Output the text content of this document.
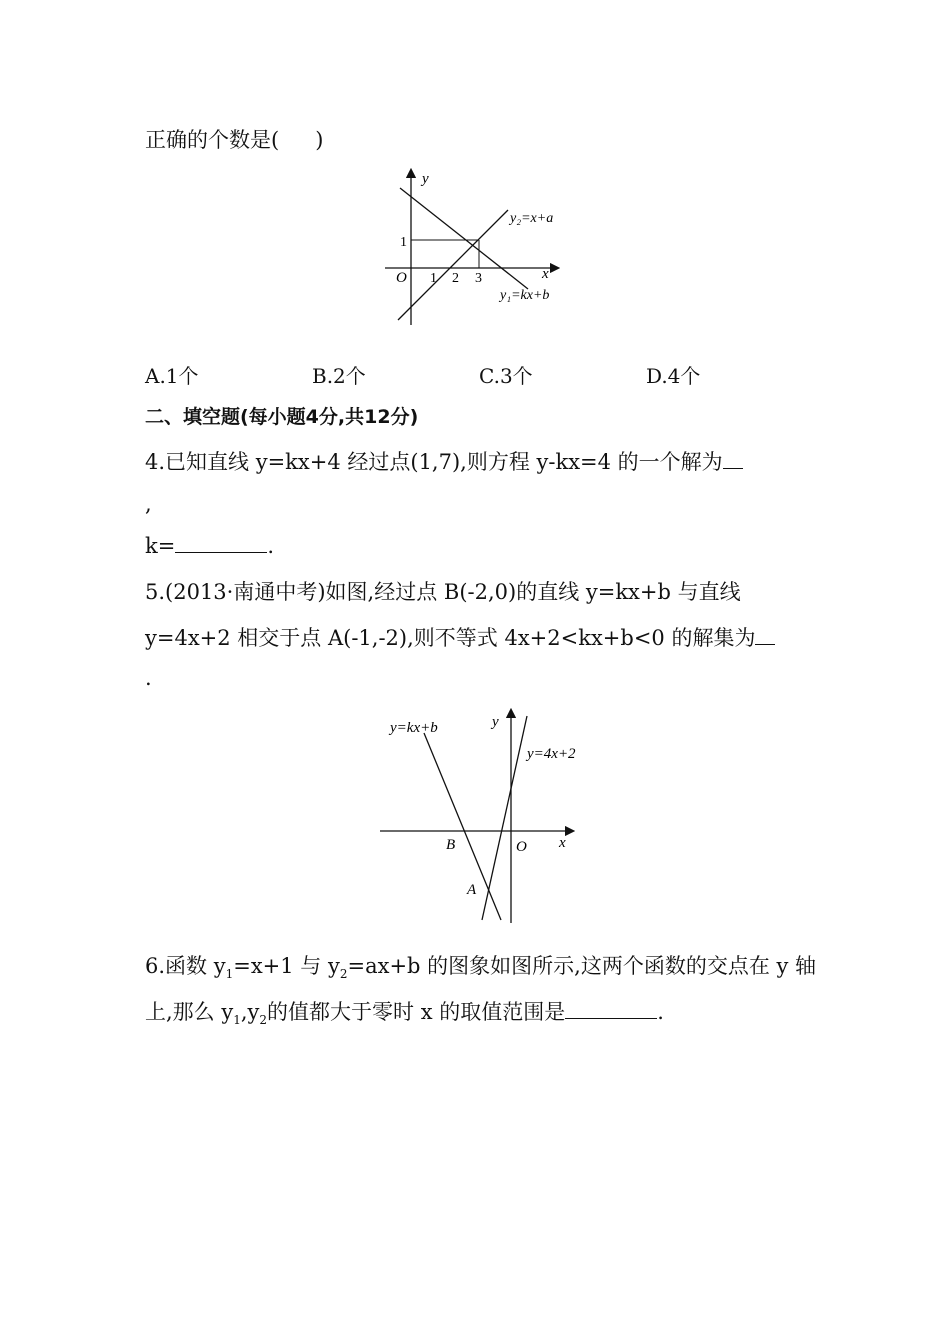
正确的个数是( )
y
x
O
1
1 2 3
y₂=x+a
y₁=kx+b
A.1个	B.2个	C.3个	D.4个
二、填空题(每小题4分,共12分)
4.已知直线 y=kx+4 经过点(1,7),则方程 y-kx=4 的一个解为
,
k=	.
5.(2013·南通中考)如图,经过点 B(-2,0)的直线 y=kx+b 与直线
y=4x+2 相交于点 A(-1,-2),则不等式 4x+2<kx+b<0 的解集为
.
y=kx+b	y
y=4x+2
B	O x
A
6.函数 $y_1=x+1$ 与 $y_2=ax+b$ 的图象如图所示,这两个函数的交点在 y 轴
上,那么 $y_1,y_2$的值都大于零时 x 的取值范围是	.
